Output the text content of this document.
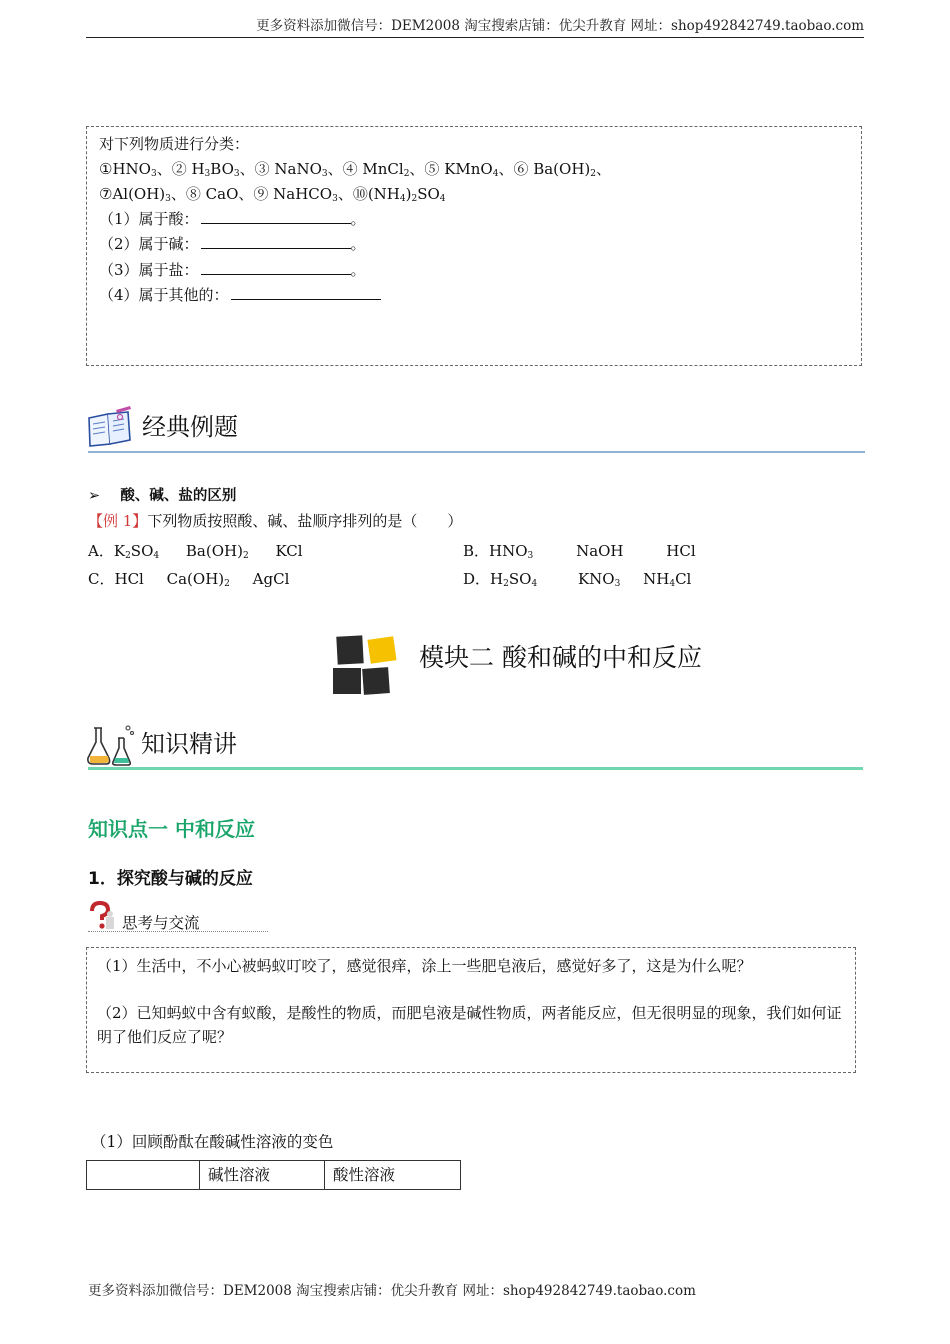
更多资料添加微信号：DEM2008 淘宝搜索店铺：优尖升教育 网址：shop492842749.taobao.com
对下列物质进行分类：
$①HNO_3$、② $H_3BO_3$、③ NaNO$_3$、④ MnCl$_2$、⑤ KMnO$_4$、⑥ $Ba(OH)_2$、
$⑦Al(OH)_3$、⑧ CaO、⑨ NaHCO$_3$、$⑩(NH_4)_2SO_4$
（1）属于酸：	。
（2）属于碱：	。
（3）属于盐：	。
（4）属于其他的：
经典例题
➢ 酸、碱、盐的区别
【例 1】下列物质按照酸、碱、盐顺序排列的是（　　）
A．$K_2SO_4$ $Ba(OH)_2$ KCl	B．$HNO_3$	NaOH	HCl
C．HCl $Ca(OH)_2$ AgCl	D．$H_2SO_4$	$KNO_3$ $NH_4Cl$
模块二 酸和碱的中和反应
知识精讲
知识点一 中和反应
1．探究酸与碱的反应
思考与交流
（1）生活中，不小心被蚂蚁叮咬了，感觉很痒，涂上一些肥皂液后，感觉好多了，这是为什么呢？
（2）已知蚂蚁中含有蚁酸，是酸性的物质，而肥皂液是碱性物质，两者能反应，但无很明显的现象，我们如何证明了他们反应了呢？
（1）回顾酚酞在酸碱性溶液的变色
	碱性溶液	酸性溶液
更多资料添加微信号：DEM2008 淘宝搜索店铺：优尖升教育 网址：shop492842749.taobao.com
